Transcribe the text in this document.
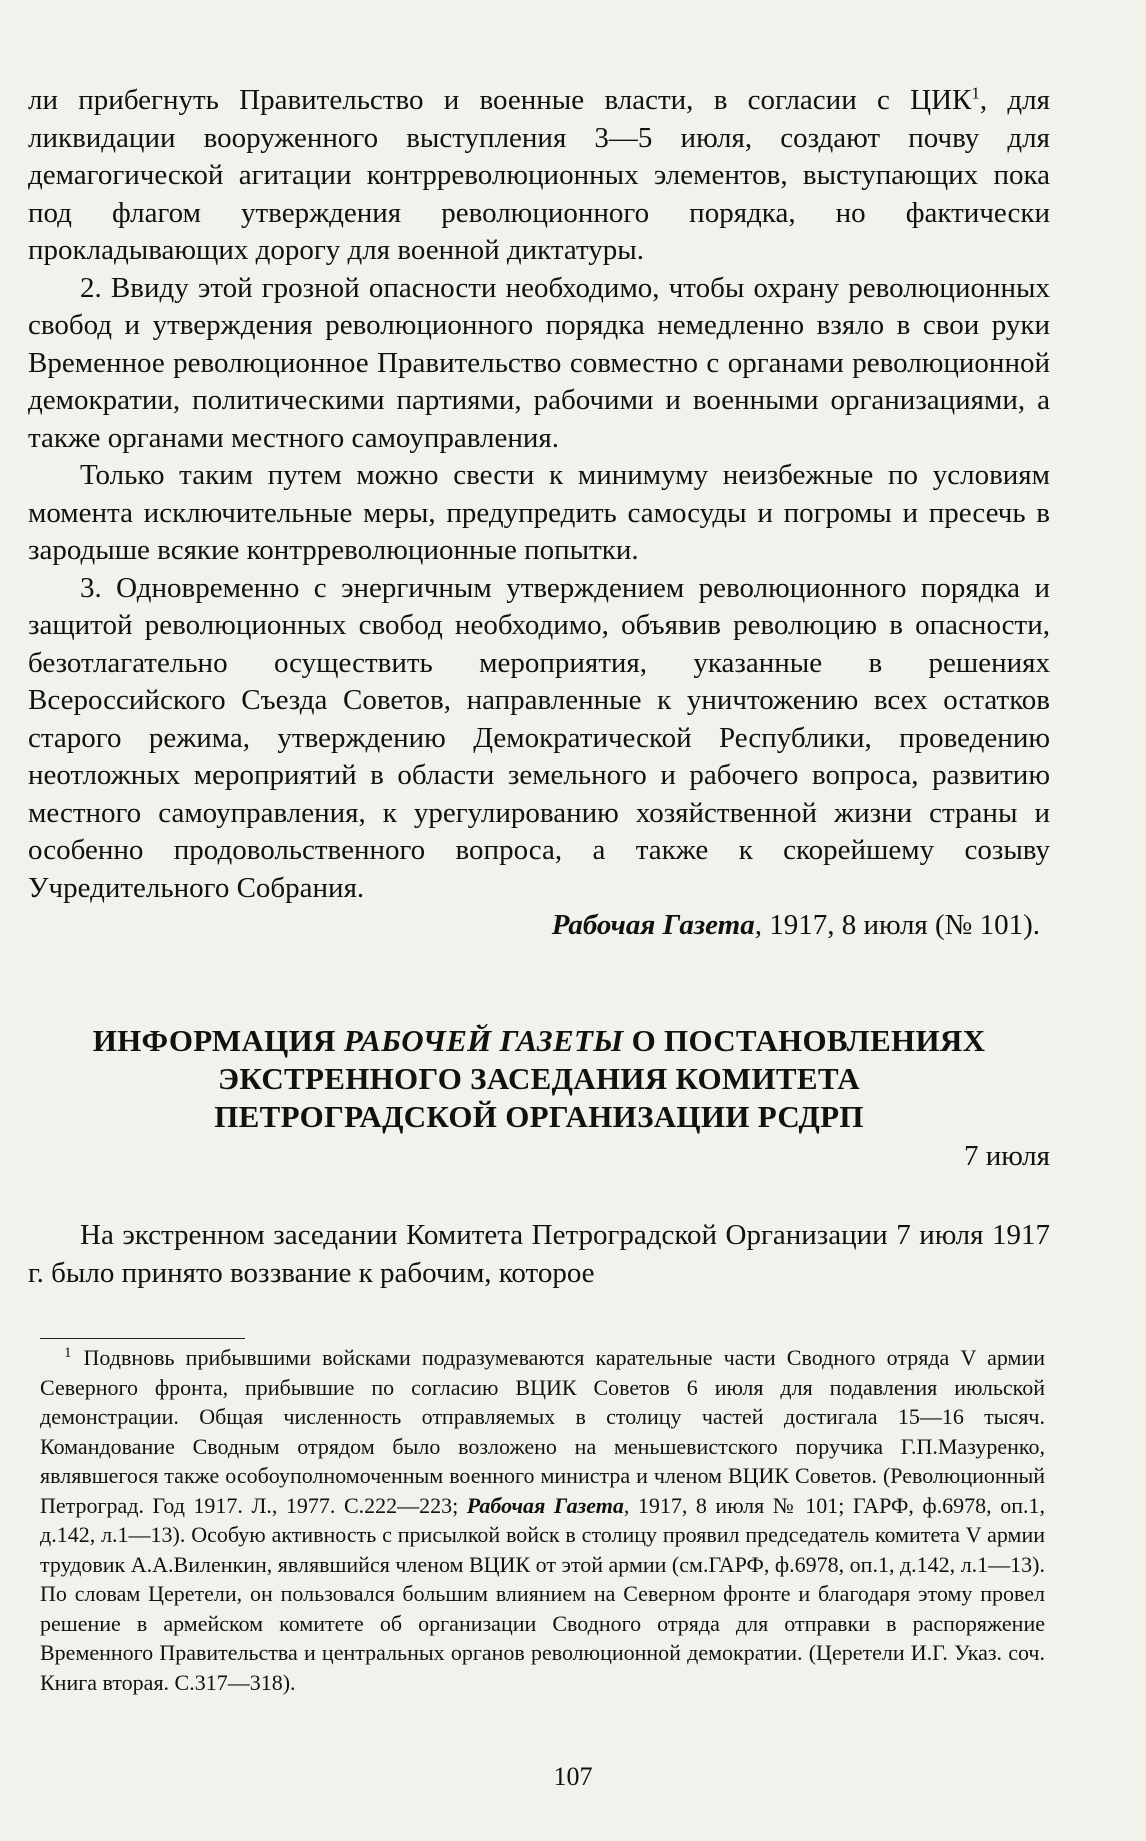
ли прибегнуть Правительство и военные власти, в согласии с ЦИК$^1$, для ликвидации вооруженного выступления 3—5 июля, создают почву для демагогической агитации контрреволюционных элементов, выступающих пока под флагом утверждения революционного порядка, но фактически прокладывающих дорогу для военной диктатуры.

2. Ввиду этой грозной опасности необходимо, чтобы охрану революционных свобод и утверждения революционного порядка немедленно взяло в свои руки Временное революционное Правительство совместно с органами революционной демократии, политическими партиями, рабочими и военными организациями, а также органами местного самоуправления.

Только таким путем можно свести к минимуму неизбежные по условиям момента исключительные меры, предупредить самосуды и погромы и пресечь в зародыше всякие контрреволюционные попытки.

3. Одновременно с энергичным утверждением революционного порядка и защитой революционных свобод необходимо, объявив революцию в опасности, безотлагательно осуществить мероприятия, указанные в решениях Всероссийского Съезда Советов, направленные к уничтожению всех остатков старого режима, утверждению Демократической Республики, проведению неотложных мероприятий в области земельного и рабочего вопроса, развитию местного самоуправления, к урегулированию хозяйственной жизни страны и особенно продовольственного вопроса, а также к скорейшему созыву Учредительного Собрания.

Рабочая Газета, 1917, 8 июля (№ 101).

ИНФОРМАЦИЯ РАБОЧЕЙ ГАЗЕТЫ О ПОСТАНОВЛЕНИЯХ
ЭКСТРЕННОГО ЗАСЕДАНИЯ КОМИТЕТА
ПЕТРОГРАДСКОЙ ОРГАНИЗАЦИИ РСДРП
7 июля

На экстренном заседании Комитета Петроградской Организации 7 июля 1917 г. было принято воззвание к рабочим, которое

$^1$ Подвновь прибывшими войсками подразумеваются карательные части Сводного отряда V армии Северного фронта, прибывшие по согласию ВЦИК Советов 6 июля для подавления июльской демонстрации. Общая численность отправляемых в столицу частей достигала 15—16 тысяч. Командование Сводным отрядом было возложено на меньшевистского поручика Г.П.Мазуренко, являвшегося также особоуполномоченным военного министра и членом ВЦИК Советов. (Революционный Петроград. Год 1917. Л., 1977. С.222—223; Рабочая Газета, 1917, 8 июля № 101; ГАРФ, ф.6978, оп.1, д.142, л.1—13). Особую активность с присылкой войск в столицу проявил председатель комитета V армии трудовик А.А.Виленкин, являвшийся членом ВЦИК от этой армии (см.ГАРФ, ф.6978, оп.1, д.142, л.1—13). По словам Церетели, он пользовался большим влиянием на Северном фронте и благодаря этому провел решение в армейском комитете об организации Сводного отряда для отправки в распоряжение Временного Правительства и центральных органов революционной демократии. (Церетели И.Г. Указ. соч. Книга вторая. С.317—318).
107
